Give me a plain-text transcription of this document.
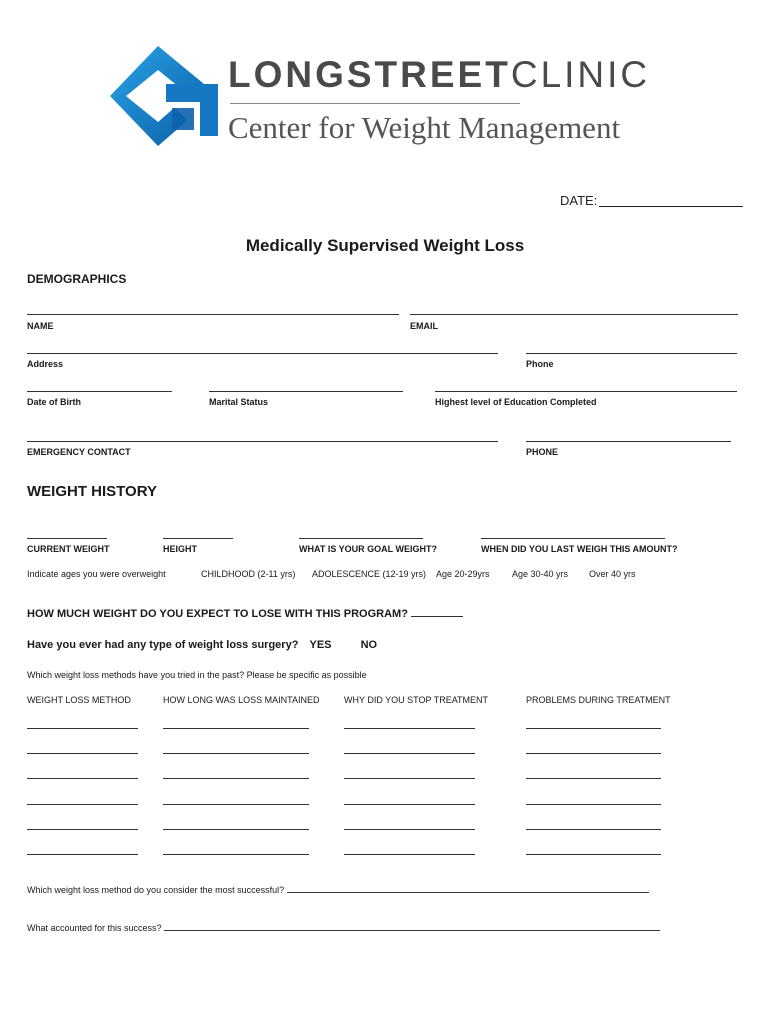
LONGSTREETCLINIC
Center for Weight Management
DATE:
Medically Supervised Weight Loss
DEMOGRAPHICS
NAME	EMAIL
Address	Phone
Date of Birth	Marital Status	Highest level of Education Completed
EMERGENCY CONTACT	PHONE
WEIGHT HISTORY
CURRENT WEIGHT	HEIGHT	WHAT IS YOUR GOAL WEIGHT?	WHEN DID YOU LAST WEIGH THIS AMOUNT?
Indicate ages you were overweight	CHILDHOOD (2-11 yrs) ADOLESCENCE (12-19 yrs) Age 20-29yrs Age 30-40 yrs Over 40 yrs
HOW MUCH WEIGHT DO YOU EXPECT TO LOSE WITH THIS PROGRAM?
Have you ever had any type of weight loss surgery? YES	NO
Which weight loss methods have you tried in the past? Please be specific as possible
WEIGHT LOSS METHOD	HOW LONG WAS LOSS MAINTAINED	WHY DID YOU STOP TREATMENT	PROBLEMS DURING TREATMENT
Which weight loss method do you consider the most successful?
What accounted for this success?
